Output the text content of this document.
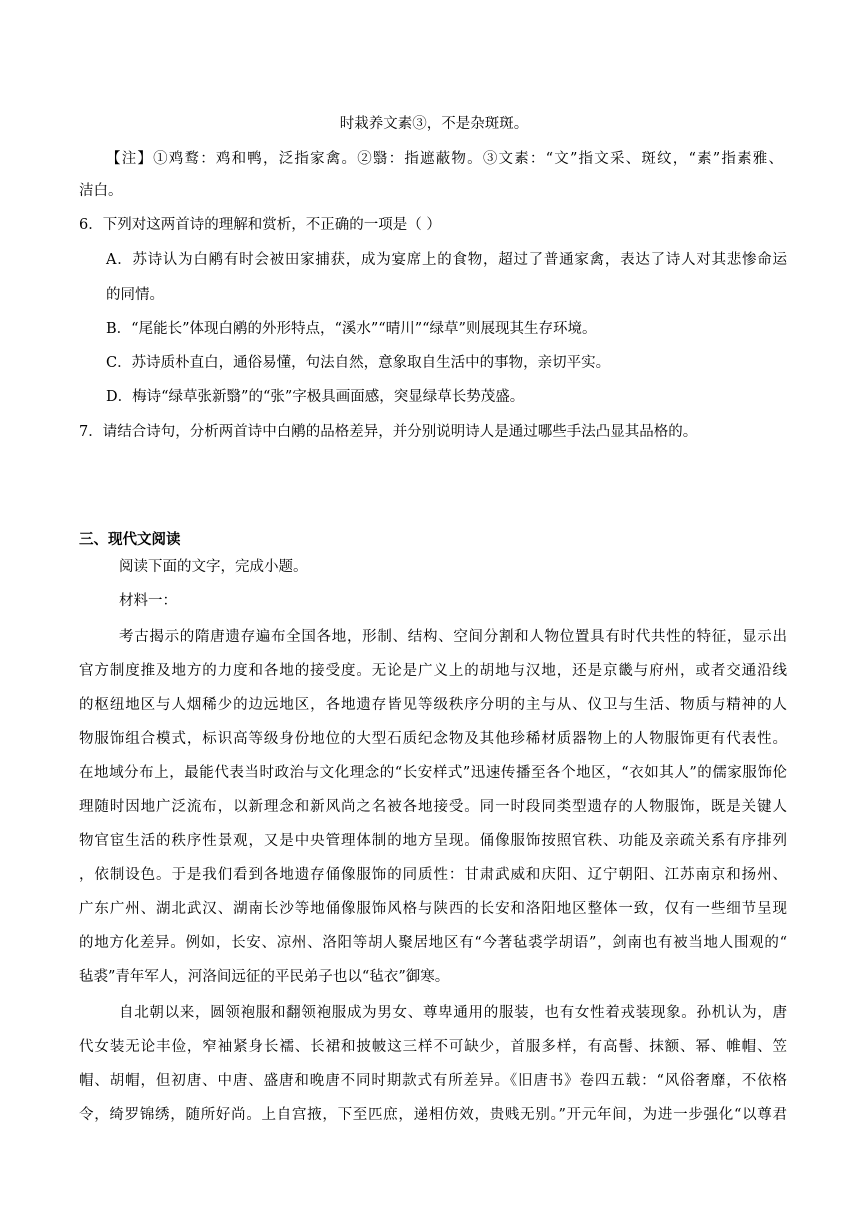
时栽养文素③，不是杂斑斑。
【注】①鸡鹜：鸡和鸭，泛指家禽。②翳：指遮蔽物。③文素：“文”指文采、斑纹，“素”指素雅、
洁白。
6．下列对这两首诗的理解和赏析，不正确的一项是（ ）
A．苏诗认为白鹇有时会被田家捕获，成为宴席上的食物，超过了普通家禽，表达了诗人对其悲惨命运
的同情。
B．“尾能长”体现白鹇的外形特点，“溪水”“晴川”“绿草”则展现其生存环境。
C．苏诗质朴直白，通俗易懂，句法自然，意象取自生活中的事物，亲切平实。
D．梅诗“绿草张新翳”的“张”字极具画面感，突显绿草长势茂盛。
7．请结合诗句，分析两首诗中白鹇的品格差异，并分别说明诗人是通过哪些手法凸显其品格的。
三、现代文阅读
阅读下面的文字，完成小题。
材料一：
考古揭示的隋唐遗存遍布全国各地，形制、结构、空间分割和人物位置具有时代共性的特征，显示出
官方制度推及地方的力度和各地的接受度。无论是广义上的胡地与汉地，还是京畿与府州，或者交通沿线
的枢纽地区与人烟稀少的边远地区，各地遗存皆见等级秩序分明的主与从、仪卫与生活、物质与精神的人
物服饰组合模式，标识高等级身份地位的大型石质纪念物及其他珍稀材质器物上的人物服饰更有代表性。
在地域分布上，最能代表当时政治与文化理念的“长安样式”迅速传播至各个地区，“衣如其人”的儒家服饰伦
理随时因地广泛流布，以新理念和新风尚之名被各地接受。同一时段同类型遗存的人物服饰，既是关键人
物官宦生活的秩序性景观，又是中央管理体制的地方呈现。俑像服饰按照官秩、功能及亲疏关系有序排列
，依制设色。于是我们看到各地遗存俑像服饰的同质性：甘肃武威和庆阳、辽宁朝阳、江苏南京和扬州、
广东广州、湖北武汉、湖南长沙等地俑像服饰风格与陕西的长安和洛阳地区整体一致，仅有一些细节呈现
的地方化差异。例如，长安、凉州、洛阳等胡人聚居地区有“今著毡裘学胡语”，剑南也有被当地人围观的“
毡裘”青年军人，河洛间远征的平民弟子也以“毡衣”御寒。
自北朝以来，圆领袍服和翻领袍服成为男女、尊卑通用的服装，也有女性着戎装现象。孙机认为，唐
代女装无论丰俭，窄袖紧身长襦、长裙和披帔这三样不可缺少，首服多样，有高髻、抹额、幂、帷帽、笠
帽、胡帽，但初唐、中唐、盛唐和晚唐不同时期款式有所差异。《旧唐书》卷四五载：“风俗奢靡，不依格
令，绮罗锦绣，随所好尚。上自宫掖，下至匹庶，递相仿效，贵贱无别。”开元年间，为进一步强化“以尊君
